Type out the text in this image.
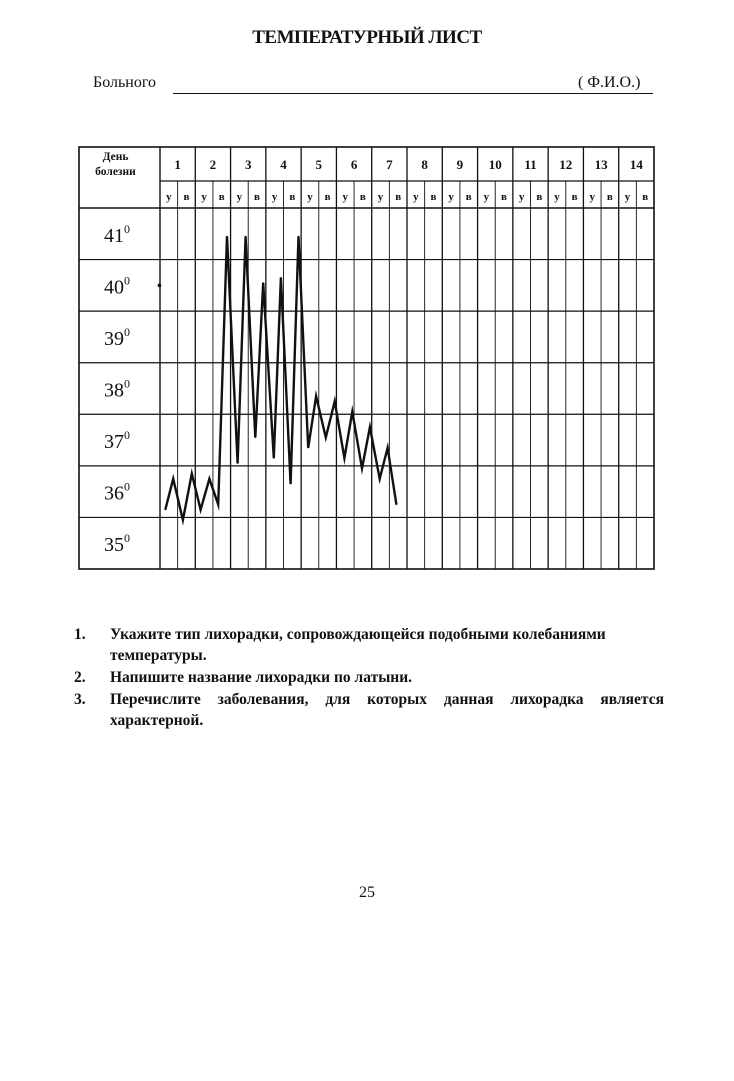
ТЕМПЕРАТУРНЫЙ ЛИСТ
Больного	( Ф.И.О.)
День
болезни	1 2 3 4 5 6 7 8 9 10 11 12 13 14
у в у в у в у в у в у в у в у в у в у в у в у в у в у в
$41^0$
$40^0$
$39^0$
$38^0$
$37^0$
$36^0$
$35^0$
•
1. Укажите тип лихорадки, сопровождающейся подобными колебаниями температуры.
2. Напишите название лихорадки по латыни.
3. Перечислите заболевания, для которых данная лихорадка является характерной.
25
